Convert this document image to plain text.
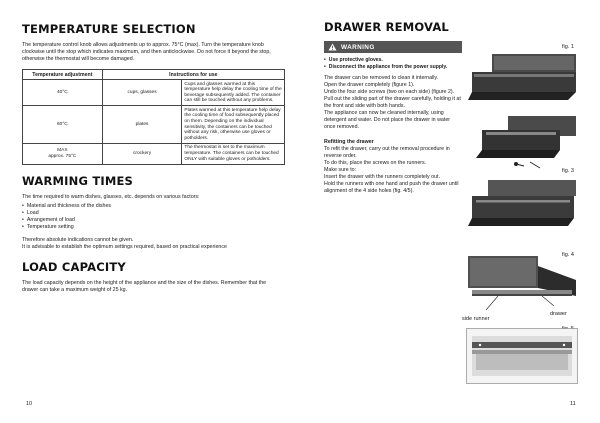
TEMPERATURE SELECTION

The temperature control knob allows adjustments up to approx. 75°C (max). Turn the temperature knob clockwise until the stop which indicates maximum, and then anticlockwise. Do not force it beyond the stop, otherwise the thermostat will become damaged.

Temperature adjustment	Instructions for use	
40°C	cups, glasses	Cups and glasses warmed at this temperature help delay the cooling time of the beverage subsequently added. The container can still be touched without any problems.
60°C	plates	Plates warmed at this temperature help delay the cooling time of food subsequently placed on them. Depending on the individual sensitivity, the containers can be touched without any risk, otherwise use gloves or potholders.

MAX
approx. 75°C	crockery	The thermostat is set to the maximum temperature. The containers can be touched ONLY with suitable gloves or potholders.
WARMING TIMES

The time required to warm dishes, glasses, etc. depends on various factors:

• Material and thickness of the dishes
• Load
• Arrangement of load
• Temperature setting

Therefore absolute indications cannot be given.

It is advisable to establish the optimum settings required, based on practical experience

LOAD CAPACITY

The load capacity depends on the height of the appliance and the size of the dishes. Remember that the drawer can take a maximum weight of 25 kg.

10
DRAWER REMOVAL
WARNING
• Use protective gloves.
• Disconnect the appliance from the power supply.

The drawer can be removed to clean it internally.

Open the drawer completely (figure 1).

Undo the four side screws (two on each side) (figure 2).

Pull out the sliding part of the drawer carefully, holding it at the front and side with both hands.

The appliance can now be cleaned internally, using detergent and water. Do not place the drawer in water once removed.

Refitting the drawer

To refit the drawer, carry out the removal procedure in reverse order.

To do this, place the screws on the runners.

Make sure to:

Insert the drawer with the runners completely out.

Hold the runners with one hand and push the drawer until alignment of the 4 side holes (fig. 4/5).

fig. 1
fig. 3
fig. 4
drawer
side runner
11
